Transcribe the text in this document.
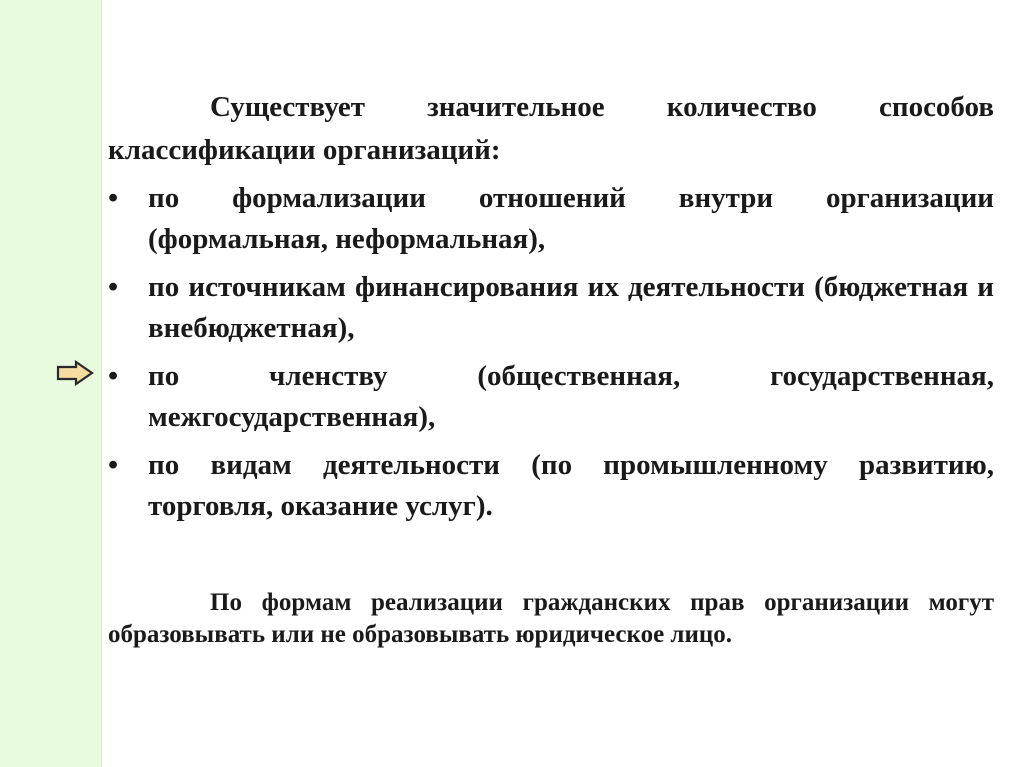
Существует значительное количество способов классификации организаций:

•	по формализации отношений внутри организации (формальная, неформальная),
•	по источникам финансирования их деятельности (бюджетная и внебюджетная),
•	по членству (общественная, государственная, межгосударственная),
•	по видам деятельности (по промышленному развитию, торговля, оказание услуг).

По формам реализации гражданских прав организации могут образовывать или не образовывать юридическое лицо.
